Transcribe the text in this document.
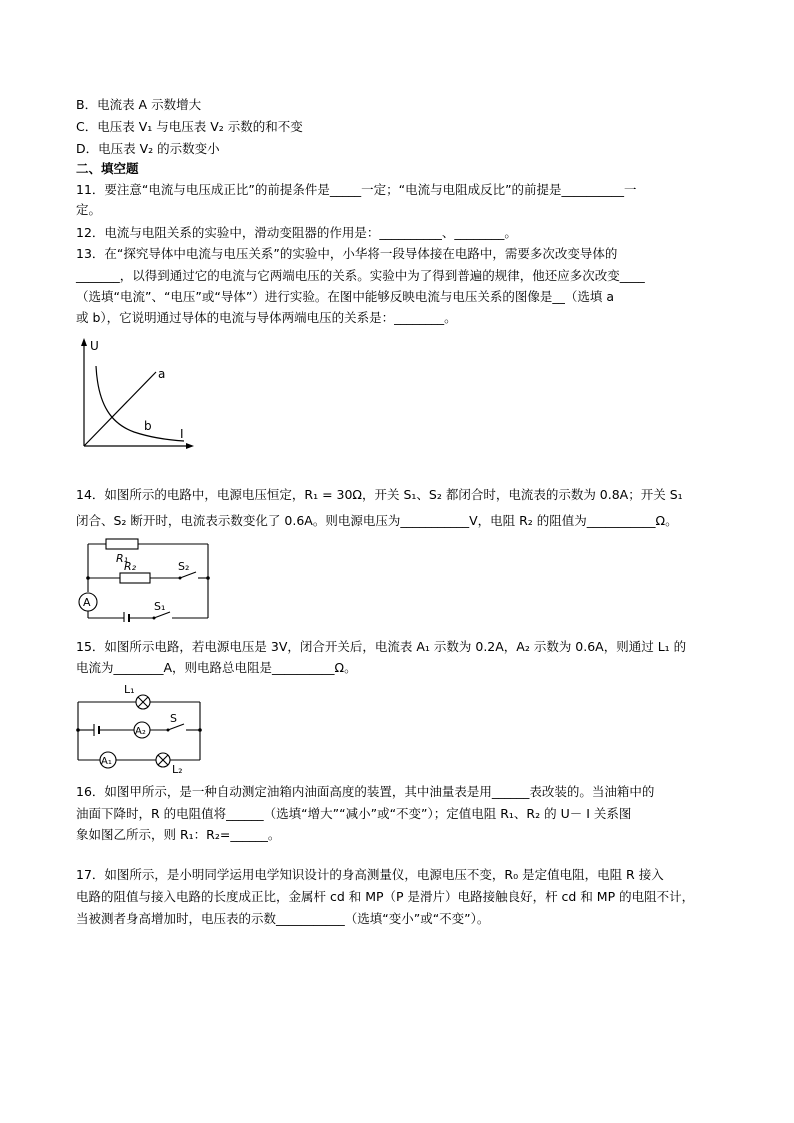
B．电流表 A 示数增大
C．电压表 V₁ 与电压表 V₂ 示数的和不变
D．电压表 V₂ 的示数变小
二、填空题
11．要注意“电流与电压成正比”的前提条件是_____一定；“电流与电阻成反比”的前提是__________一
定。
12．电流与电阻关系的实验中，滑动变阻器的作用是：__________、________。
13．在“探究导体中电流与电压关系”的实验中，小华将一段导体接在电路中，需要多次改变导体的
_______，以得到通过它的电流与它两端电压的关系。实验中为了得到普遍的规律，他还应多次改变____
（选填“电流”、“电压”或“导体”）进行实验。在图中能够反映电流与电压关系的图像是__（选填 a
或 b），它说明通过导体的电流与导体两端电压的关系是：________。
U
I
a
b
14．如图所示的电路中，电源电压恒定，R₁ = 30Ω，开关 S₁、S₂ 都闭合时，电流表的示数为 0.8A；开关 S₁
闭合、S₂ 断开时，电流表示数变化了 0.6A。则电源电压为___________V，电阻 R₂ 的阻值为___________Ω。
R₁
R₂	S₂
S₁
A
15．如图所示电路，若电源电压是 3V，闭合开关后，电流表 A₁ 示数为 0.2A，A₂ 示数为 0.6A，则通过 L₁ 的
电流为________A，则电路总电阻是__________Ω。
L₁
S
A₂
A₁
L₂
16．如图甲所示，是一种自动测定油箱内油面高度的装置，其中油量表是用______表改装的。当油箱中的
油面下降时，R 的电阻值将______（选填“增大”“减小”或“不变”）；定值电阻 R₁、R₂ 的 U－ I 关系图
象如图乙所示，则 R₁：R₂=______。
17．如图所示，是小明同学运用电学知识设计的身高测量仪，电源电压不变，R₀ 是定值电阻，电阻 R 接入
电路的阻值与接入电路的长度成正比，金属杆 cd 和 MP（P 是滑片）电路接触良好，杆 cd 和 MP 的电阻不计，
当被测者身高增加时，电压表的示数___________（选填“变小”或“不变”）。
